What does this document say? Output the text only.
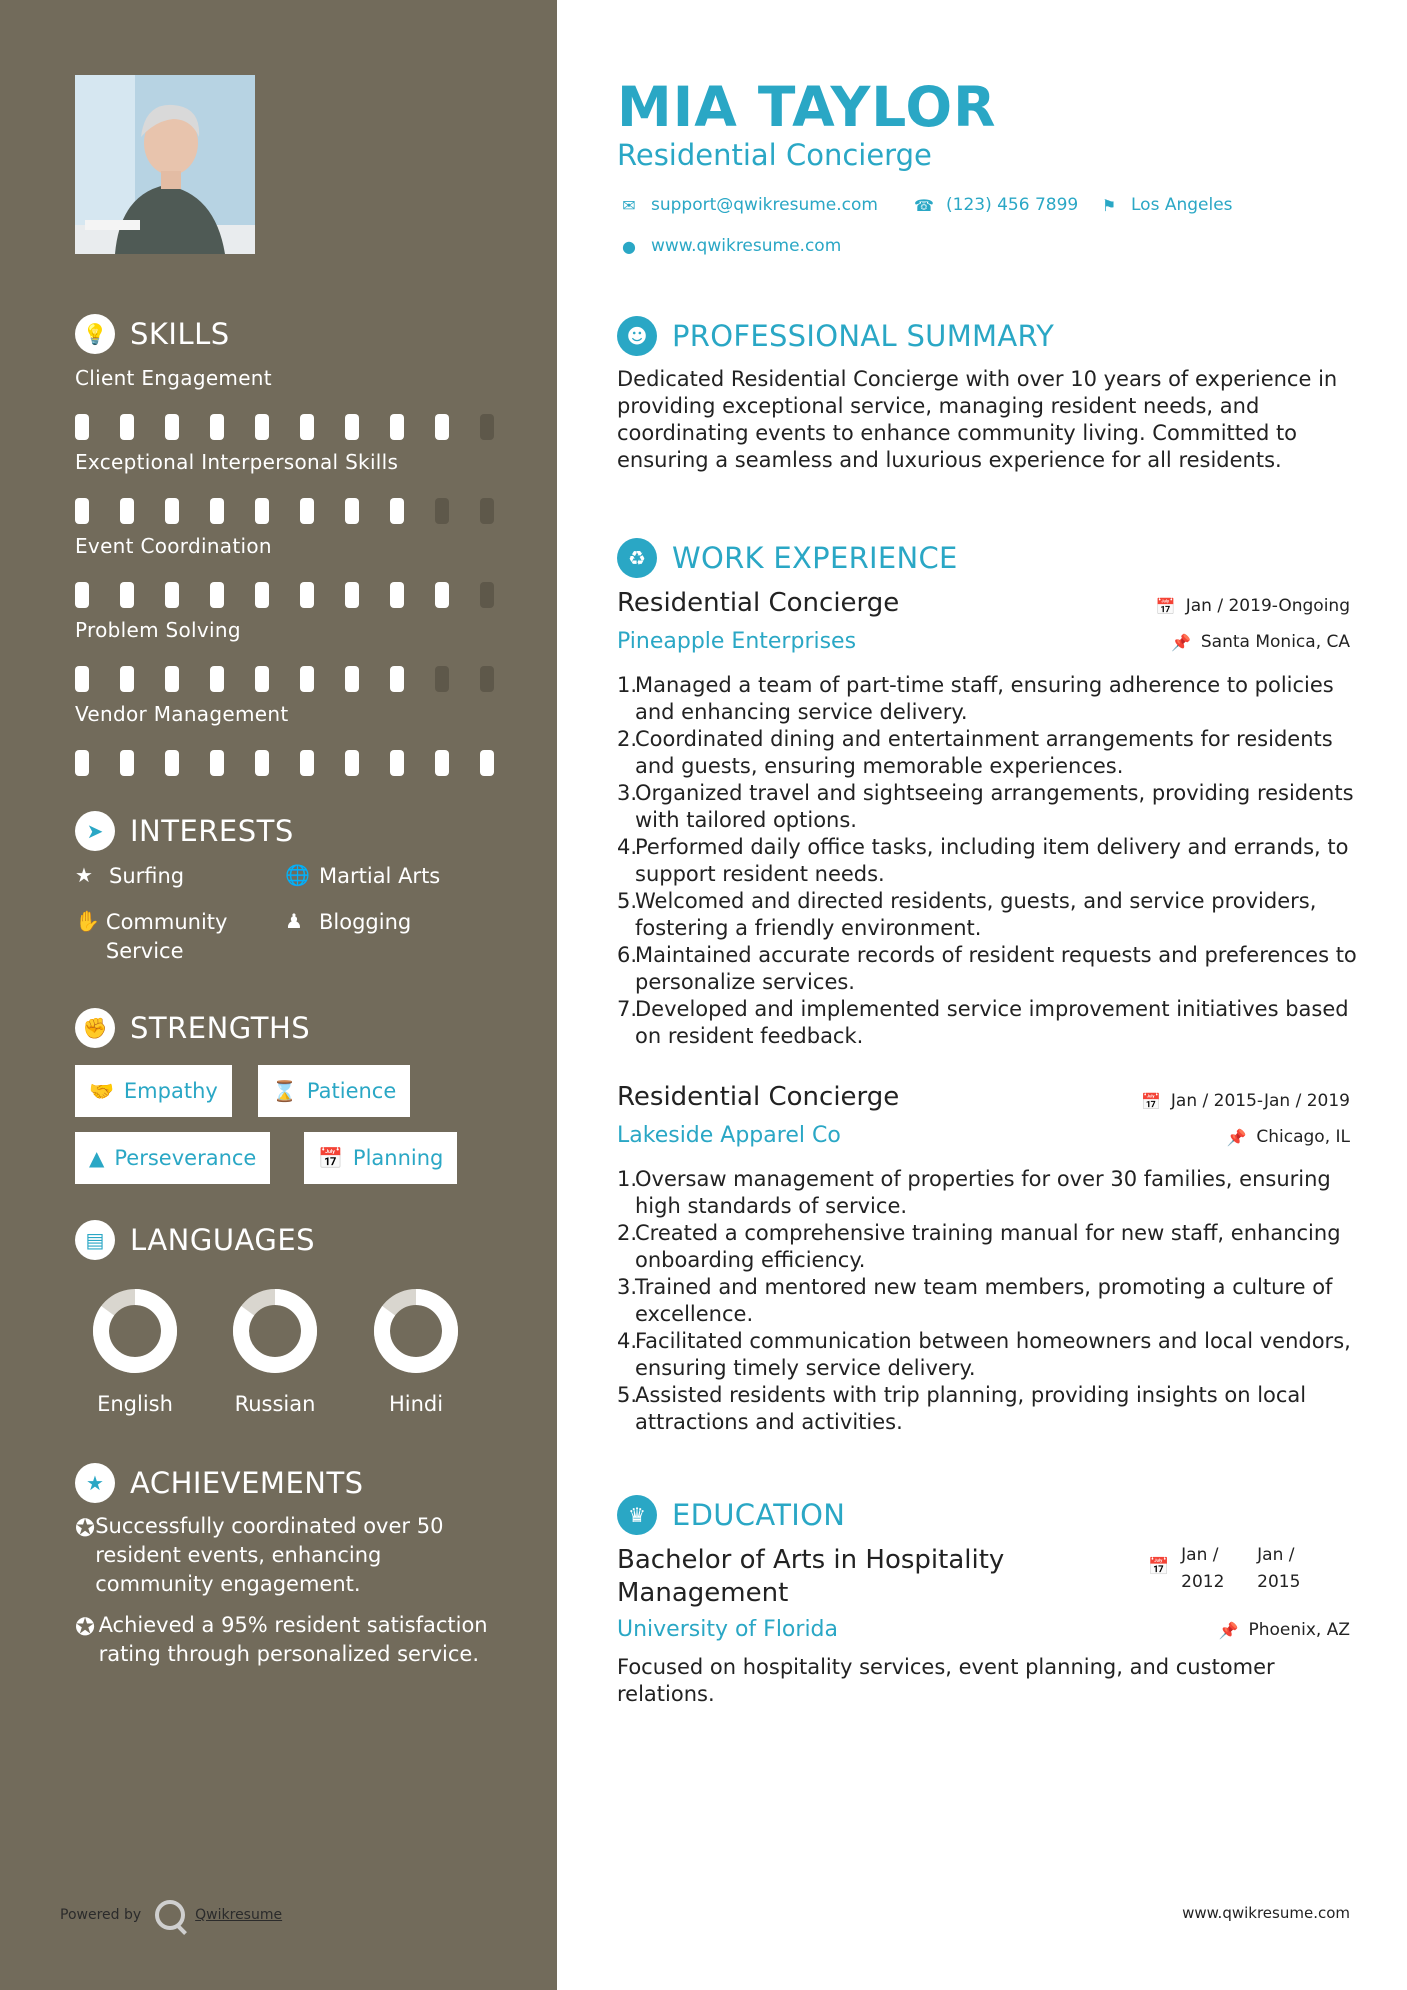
💡 SKILLS
Client Engagement
Exceptional Interpersonal Skills
Event Coordination
Problem Solving
Vendor Management
➤ INTERESTS
★ Surfing	🌐 Martial Arts
✋ Community Service
♟ Blogging
✊ STRENGTHS
🤝 Empathy	⌛ Patience
▲ Perseverance	📅 Planning
▤ LANGUAGES
English	Russian	Hindi
★ ACHIEVEMENTS
✪ Successfully coordinated over 50 resident events, enhancing community engagement.
✪ Achieved a 95% resident satisfaction rating through personalized service.
Powered by	Qwikresume
MIA TAYLOR
Residential Concierge
✉ support@qwikresume.com ☎ (123) 456 7899	⚑ Los Angeles
● www.qwikresume.com
☻ PROFESSIONAL SUMMARY
Dedicated Residential Concierge with over 10 years of experience in providing exceptional service, managing resident needs, and coordinating events to enhance community living. Committed to ensuring a seamless and luxurious experience for all residents.
♻ WORK EXPERIENCE
Residential Concierge
Pineapple Enterprises
📅 Jan / 2019-Ongoing
📌 Santa Monica, CA
1.
Managed a team of part-time staff, ensuring adherence to policies and enhancing service delivery.
2.
Coordinated dining and entertainment arrangements for residents and guests, ensuring memorable experiences.
3.
Organized travel and sightseeing arrangements, providing residents with tailored options.
4.
Performed daily office tasks, including item delivery and errands, to support resident needs.
5.
Welcomed and directed residents, guests, and service providers, fostering a friendly environment.
6.
Maintained accurate records of resident requests and preferences to personalize services.
7.
Developed and implemented service improvement initiatives based on resident feedback.
Residential Concierge
Lakeside Apparel Co
📅 Jan / 2015-Jan / 2019
📌 Chicago, IL
1.
Oversaw management of properties for over 30 families, ensuring high standards of service.
2.
Created a comprehensive training manual for new staff, enhancing onboarding efficiency.
3.
Trained and mentored new team members, promoting a culture of excellence.
4.
Facilitated communication between homeowners and local vendors, ensuring timely service delivery.
5.
Assisted residents with trip planning, providing insights on local attractions and activities.
♛ EDUCATION
Bachelor of Arts in Hospitality
Management
📅
Jan /
2012
Jan /
2015
University of Florida	📌 Phoenix, AZ
Focused on hospitality services, event planning, and customer relations.
www.qwikresume.com
